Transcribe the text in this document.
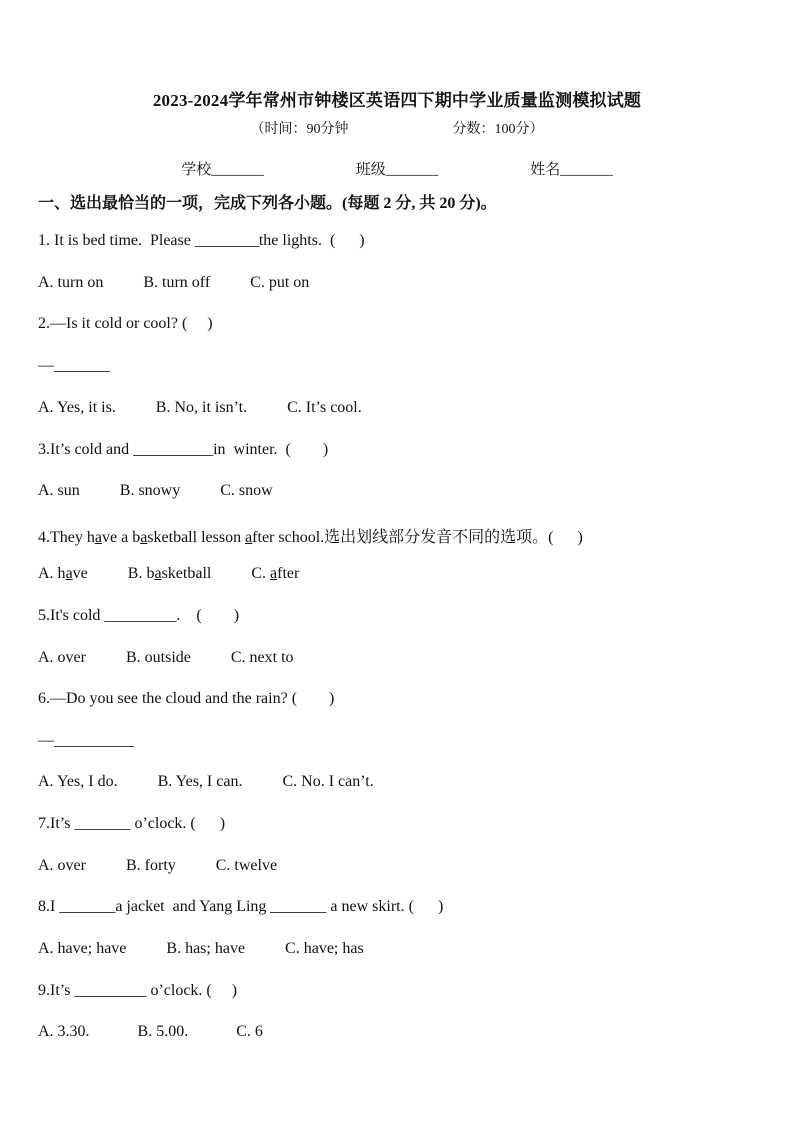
2023-2024学年常州市钟楼区英语四下期中学业质量监测模拟试题
（时间：90分钟	分数：100分）
学校_______	班级_______	姓名_______
一、选出最恰当的一项，完成下列各小题。(每题 2 分, 共 20 分)。
1. It is bed time.  Please ________the lights.  (      )
A. turn on          B. turn off          C. put on
2.—Is it cold or cool? (     )
—_______
A. Yes, it is.          B. No, it isn’t.          C. It’s cool.
3.It’s cold and __________in  winter.  (        )
A. sun          B. snowy          C. snow
4.They have a basketball lesson after school.选出划线部分发音不同的选项。(      )
A. have          B. basketball          C. after
5.It's cold _________.    (        )
A. over          B. outside          C. next to
6.—Do you see the cloud and the rain? (        )
—__________
A. Yes, I do.          B. Yes, I can.          C. No. I can’t.
7.It’s _______ o’clock. (      )
A. over          B. forty          C. twelve
8.I _______a jacket  and Yang Ling _______ a new skirt. (      )
A. have; have          B. has; have          C. have; has
9.It’s _________ o’clock. (     )
A. 3.30.            B. 5.00.            C. 6
